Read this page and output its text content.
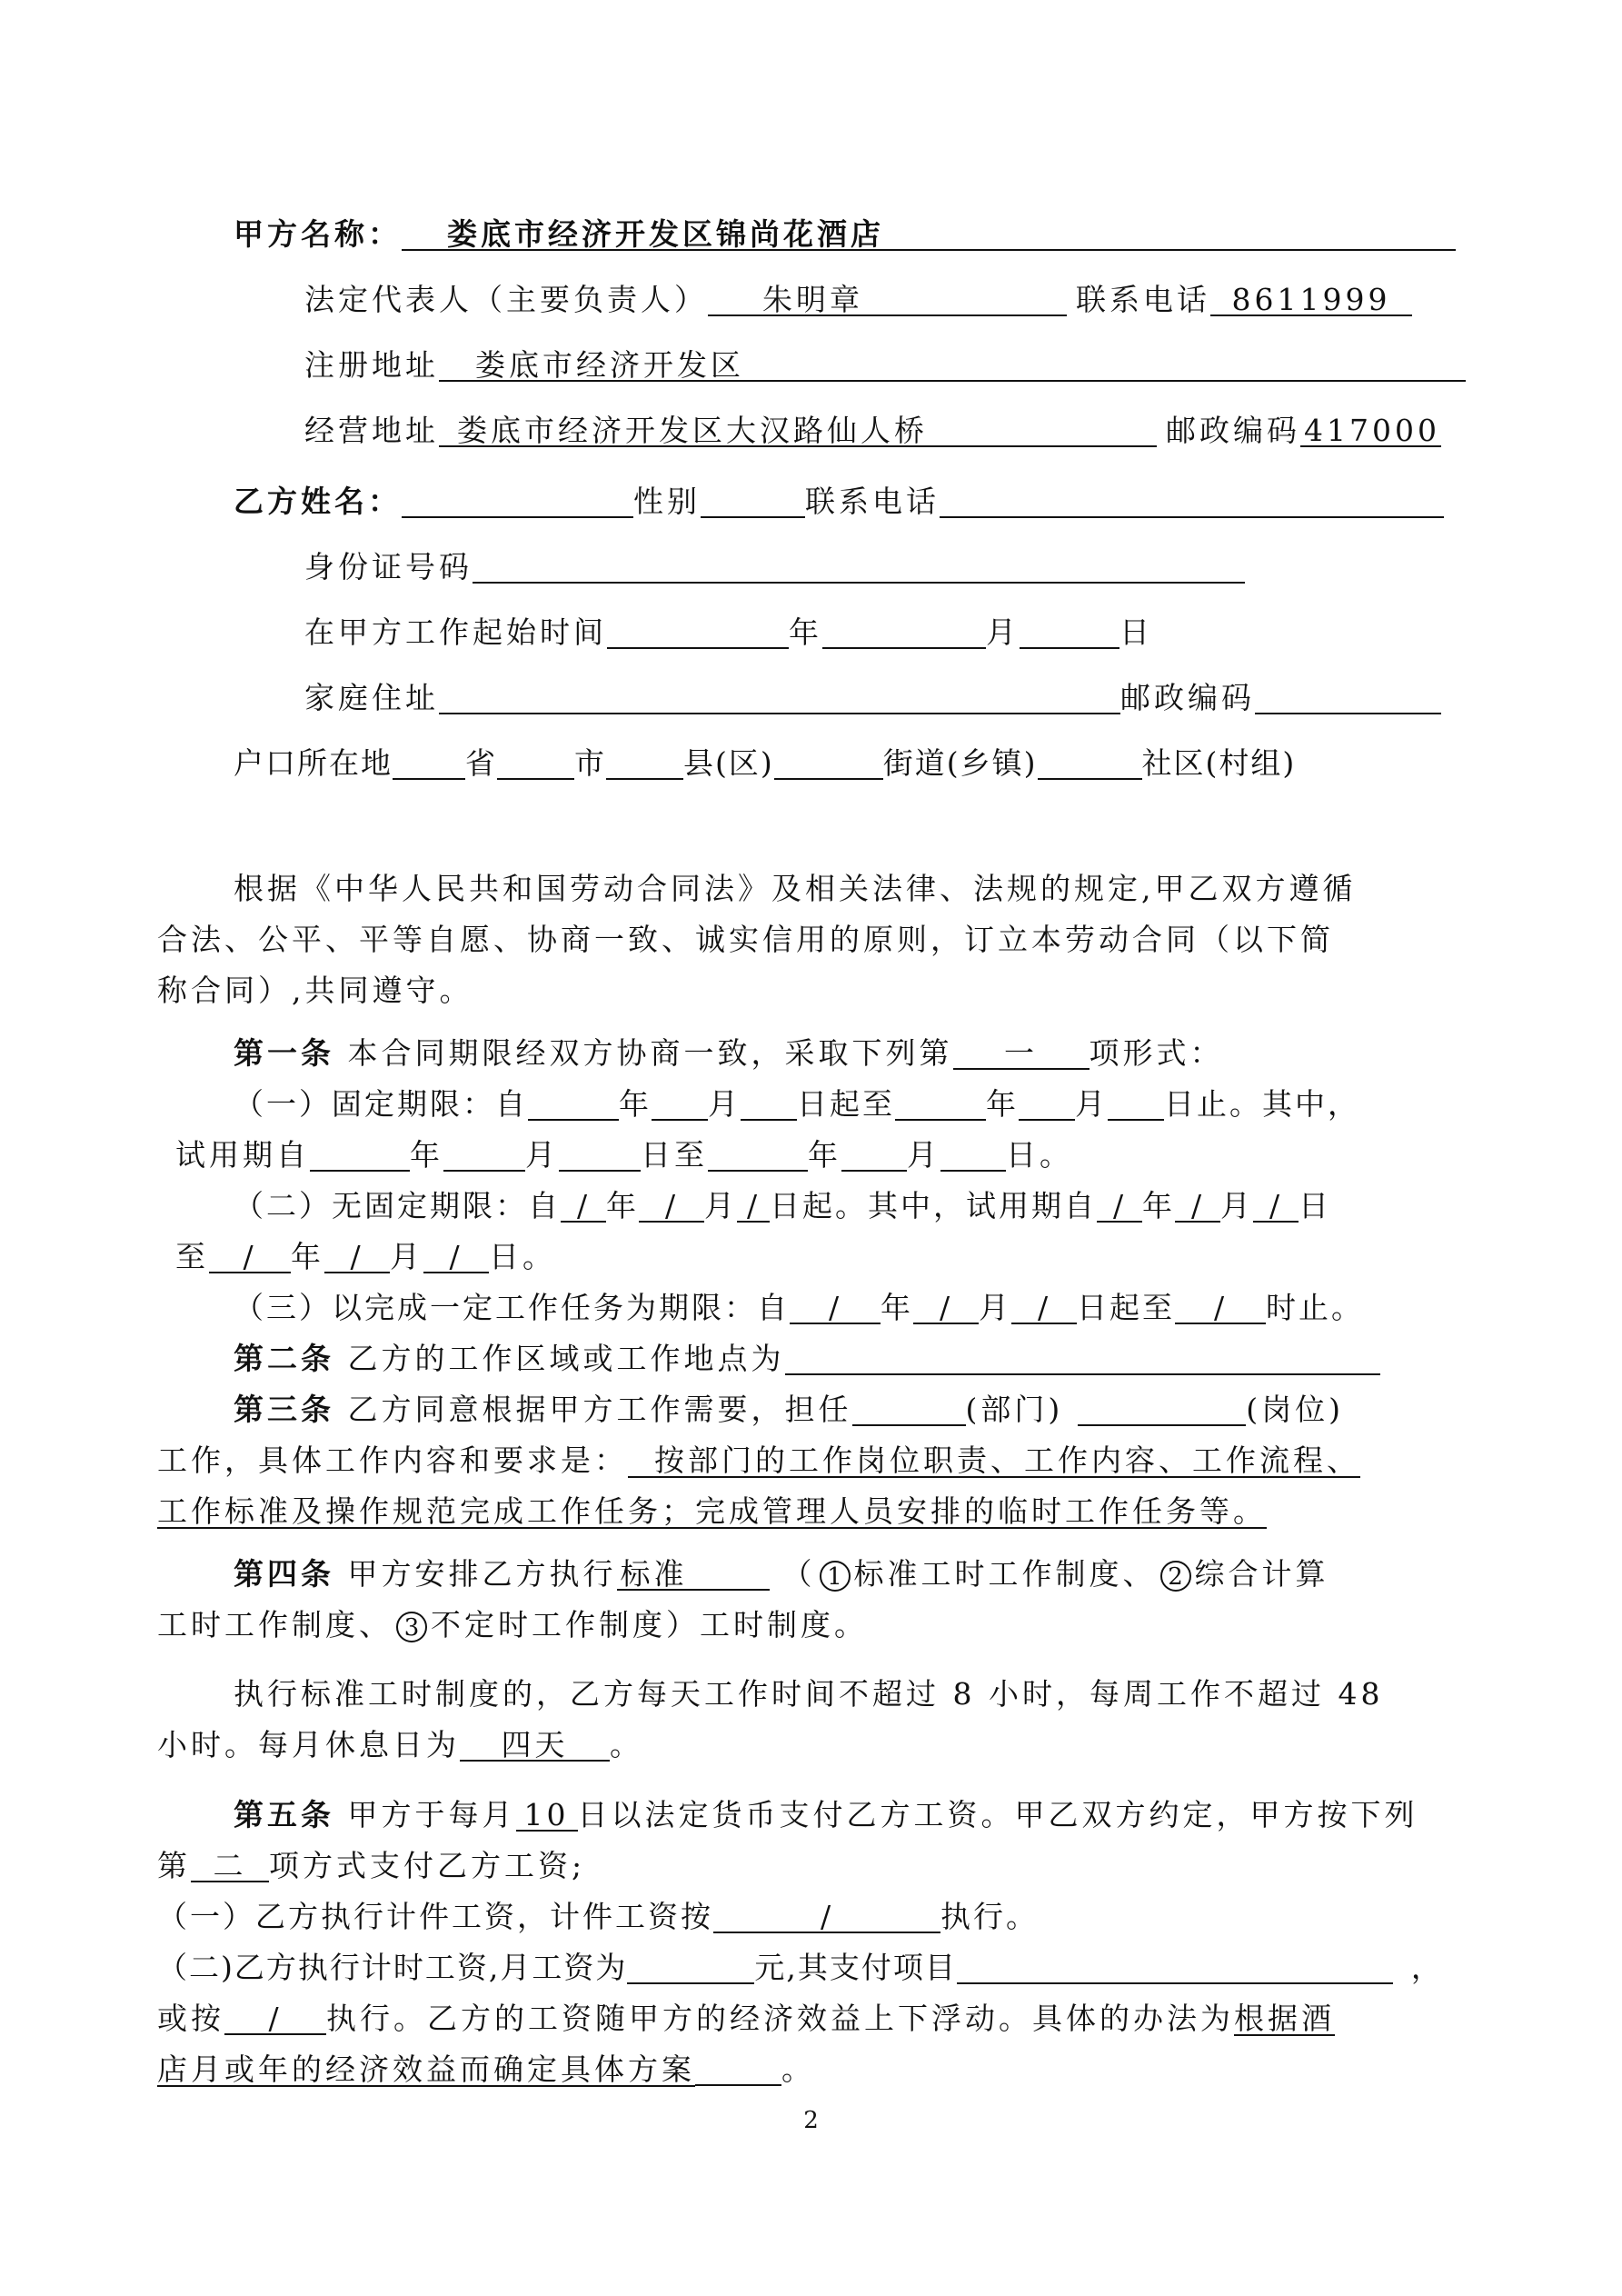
甲方名称： 娄底市经济开发区锦尚花酒店
法定代表人（主要负责人） 朱明章	联系电话 8611999
注册地址 娄底市经济开发区
经营地址 娄底市经济开发区大汉路仙人桥	邮政编码 417000
乙方姓名：	性别	联系电话
身份证号码
在甲方工作起始时间	年	月	日
家庭住址	邮政编码
户口所在地 省	市	县(区)	街道(乡镇)	社区(村组)
根据《中华人民共和国劳动合同法》及相关法律、法规的规定,甲乙双方遵循
合法、公平、平等自愿、协商一致、诚实信用的原则，订立本劳动合同（以下简
称合同）,共同遵守。
第一条 本合同期限经双方协商一致，采取下列第 一 项形式：
（一）固定期限：自	年 月 日起至	年 月 日止。其中，
试用期自	年	月	日至	年 月 日。
（二）无固定期限：自 / 年 / 月 / 日起。其中，试用期自 / 年 / 月 / 日
至 / 年 / 月 / 日。
（三）以完成一定工作任务为期限：自 / 年 / 月 / 日起至 / 时止。
第二条 乙方的工作区域或工作地点为
第三条 乙方同意根据甲方工作需要，担任	(部门)	(岗位)
工作，具体工作内容和要求是： 按部门的工作岗位职责、工作内容、工作流程、
工作标准及操作规范完成工作任务；完成管理人员安排的临时工作任务等。
第四条 甲方安排乙方执行 标准	（ 1 标准工时工作制度、 2 综合计算
工时工作制度、 3 不定时工作制度）工时制度。
执行标准工时制度的，乙方每天工作时间不超过 8 小时，每周工作不超过 48
小时。每月休息日为 四天 。
第五条 甲方于每月 10 日以法定货币支付乙方工资。甲乙双方约定，甲方按下列
第 二 项方式支付乙方工资;
（一）乙方执行计件工资，计件工资按	/	执行。
（二)乙方执行计时工资,月工资为	元,其支付项目	，
或按 / 执行。乙方的工资随甲方的经济效益上下浮动。具体的办法为根据酒
店月或年的经济效益而确定具体方案	。
2
